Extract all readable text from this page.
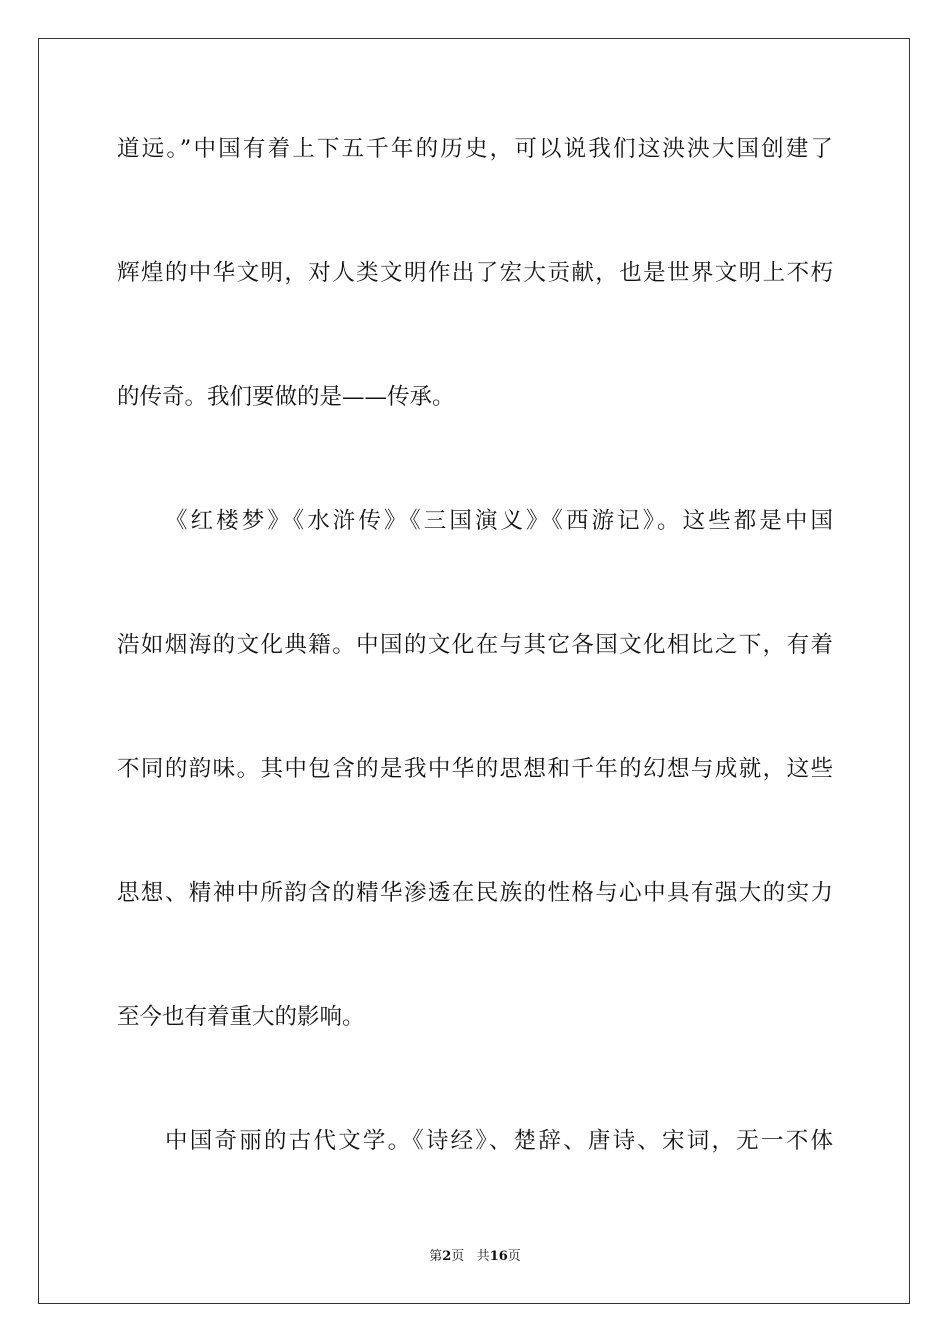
道远。”中国有着上下五千年的历史，可以说我们这泱泱大国创建了
辉煌的中华文明，对人类文明作出了宏大贡献，也是世界文明上不朽
的传奇。我们要做的是——传承。
《红楼梦》《水浒传》《三国演义》《西游记》。这些都是中国
浩如烟海的文化典籍。中国的文化在与其它各国文化相比之下，有着
不同的韵味。其中包含的是我中华的思想和千年的幻想与成就，这些
思想、精神中所韵含的精华渗透在民族的性格与心中具有强大的实力
至今也有着重大的影响。
中国奇丽的古代文学。《诗经》、楚辞、唐诗、宋词，无一不体
第2页 共16页
